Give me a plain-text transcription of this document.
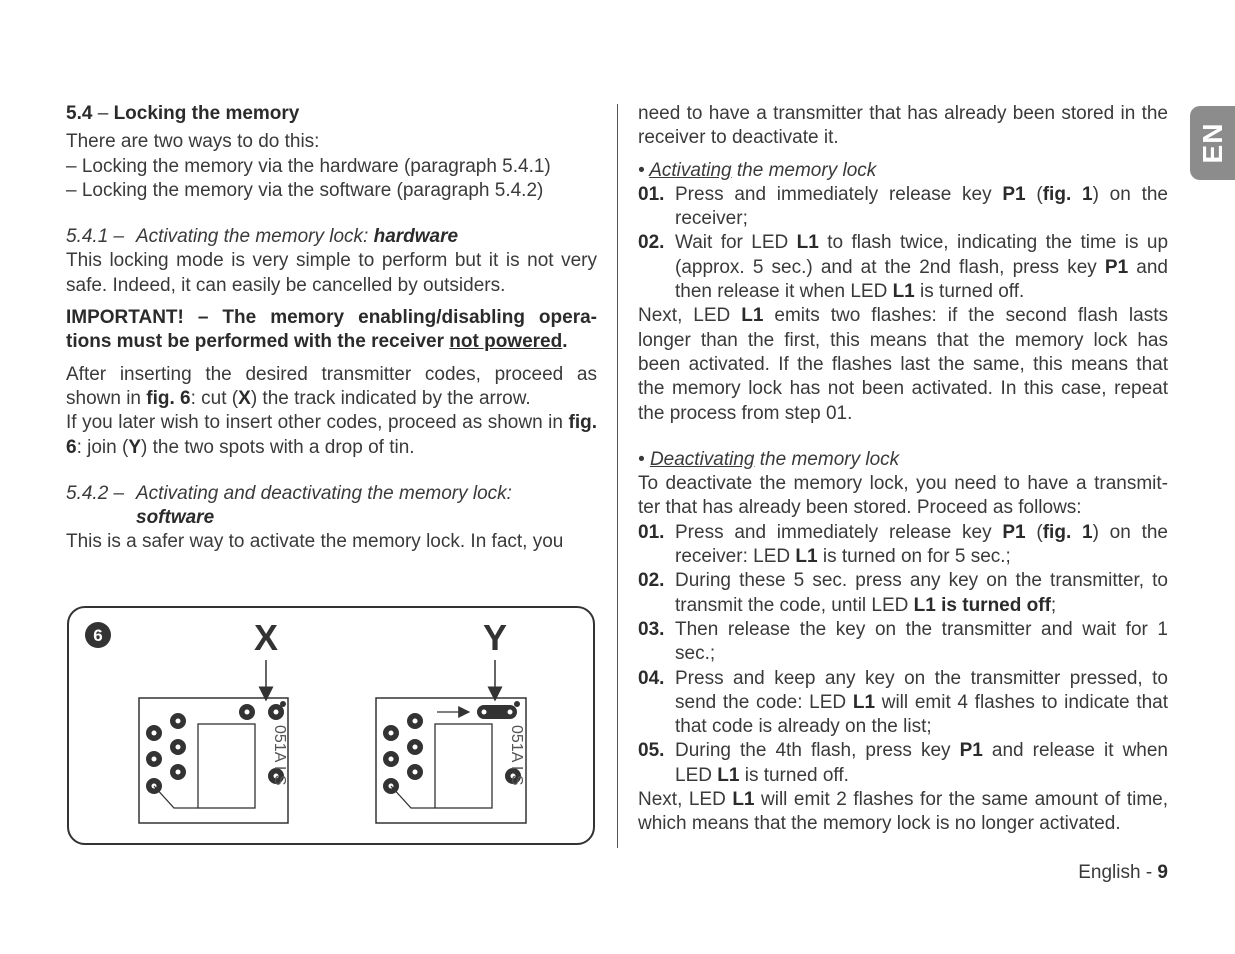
EN

5.4 – Locking the memory

There are two ways to do this:

– Locking the memory via the hardware (paragraph 5.4.1)

– Locking the memory via the software (paragraph 5.4.2)

5.4.1 – Activating the memory lock: hardware

This locking mode is very simple to perform but it is not very safe. Indeed, it can easily be cancelled by outsiders.

IMPORTANT! – The memory enabling/disabling opera-tions must be performed with the receiver not powered.

After inserting the desired transmitter codes, proceed as shown in fig. 6: cut (X) the track indicated by the arrow.
If you later wish to insert other codes, proceed as shown in fig. 6: join (Y) the two spots with a drop of tin.

5.4.2 – Activating and deactivating the memory lock:
software

This is a safer way to activate the memory lock. In fact, you

6	X	Y
051A I S	051A I S

need to have a transmitter that has already been stored in the receiver to deactivate it.

• Activating the memory lock

01. Press and immediately release key P1 (fig. 1) on the receiver;
02. Wait for LED L1 to flash twice, indicating the time is up (approx. 5 sec.) and at the 2nd flash, press key P1 and then release it when LED L1 is turned off.

Next, LED L1 emits two flashes: if the second flash lasts longer than the first, this means that the memory lock has been activated. If the flashes last the same, this means that the memory lock has not been activated. In this case, repeat the process from step 01.

• Deactivating the memory lock

To deactivate the memory lock, you need to have a transmit-ter that has already been stored. Proceed as follows:

01. Press and immediately release key P1 (fig. 1) on the receiver: LED L1 is turned on for 5 sec.;
02. During these 5 sec. press any key on the transmitter, to transmit the code, until LED L1 is turned off;
03. Then release the key on the transmitter and wait for 1 sec.;
04. Press and keep any key on the transmitter pressed, to send the code: LED L1 will emit 4 flashes to indicate that that code is already on the list;
05. During the 4th flash, press key P1 and release it when LED L1 is turned off.

Next, LED L1 will emit 2 flashes for the same amount of time, which means that the memory lock is no longer activated.

English - 9
